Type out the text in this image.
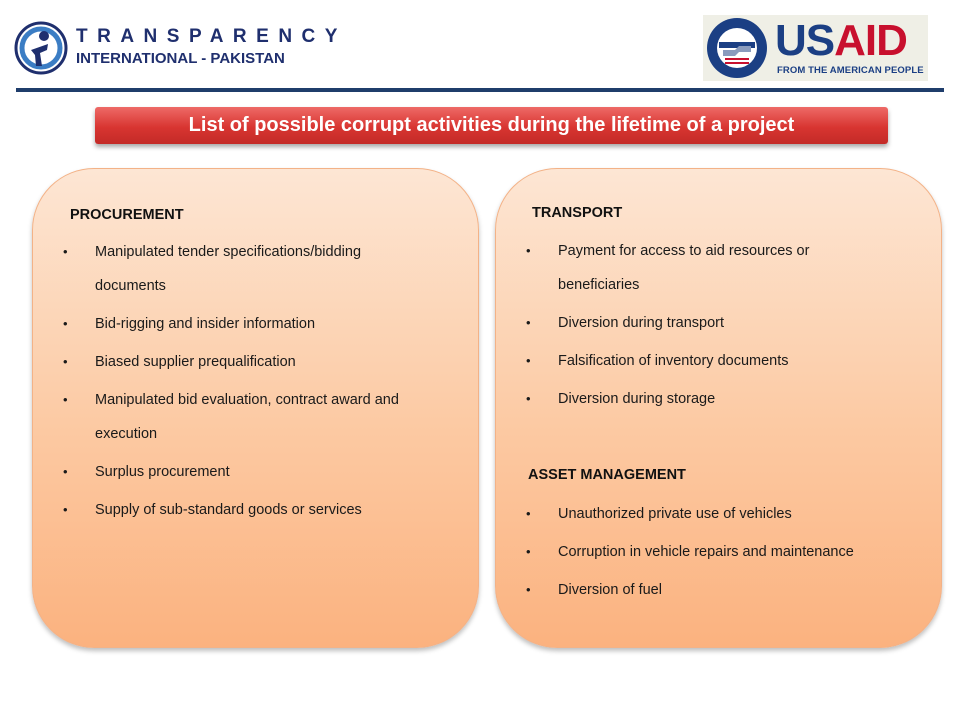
TRANSPARENCY
INTERNATIONAL - PAKISTAN	USAID
FROM THE AMERICAN PEOPLE
List of possible corrupt activities during the lifetime of a project
PROCUREMENT
• Manipulated tender specifications/bidding documents
• Bid-rigging and insider information
• Biased supplier prequalification
• Manipulated bid evaluation, contract award and execution
• Surplus procurement
• Supply of sub-standard goods or services
TRANSPORT
• Payment for access to aid resources or beneficiaries
• Diversion during transport
• Falsification of inventory documents
• Diversion during storage
ASSET MANAGEMENT
• Unauthorized private use of vehicles
• Corruption in vehicle repairs and maintenance
• Diversion of fuel
